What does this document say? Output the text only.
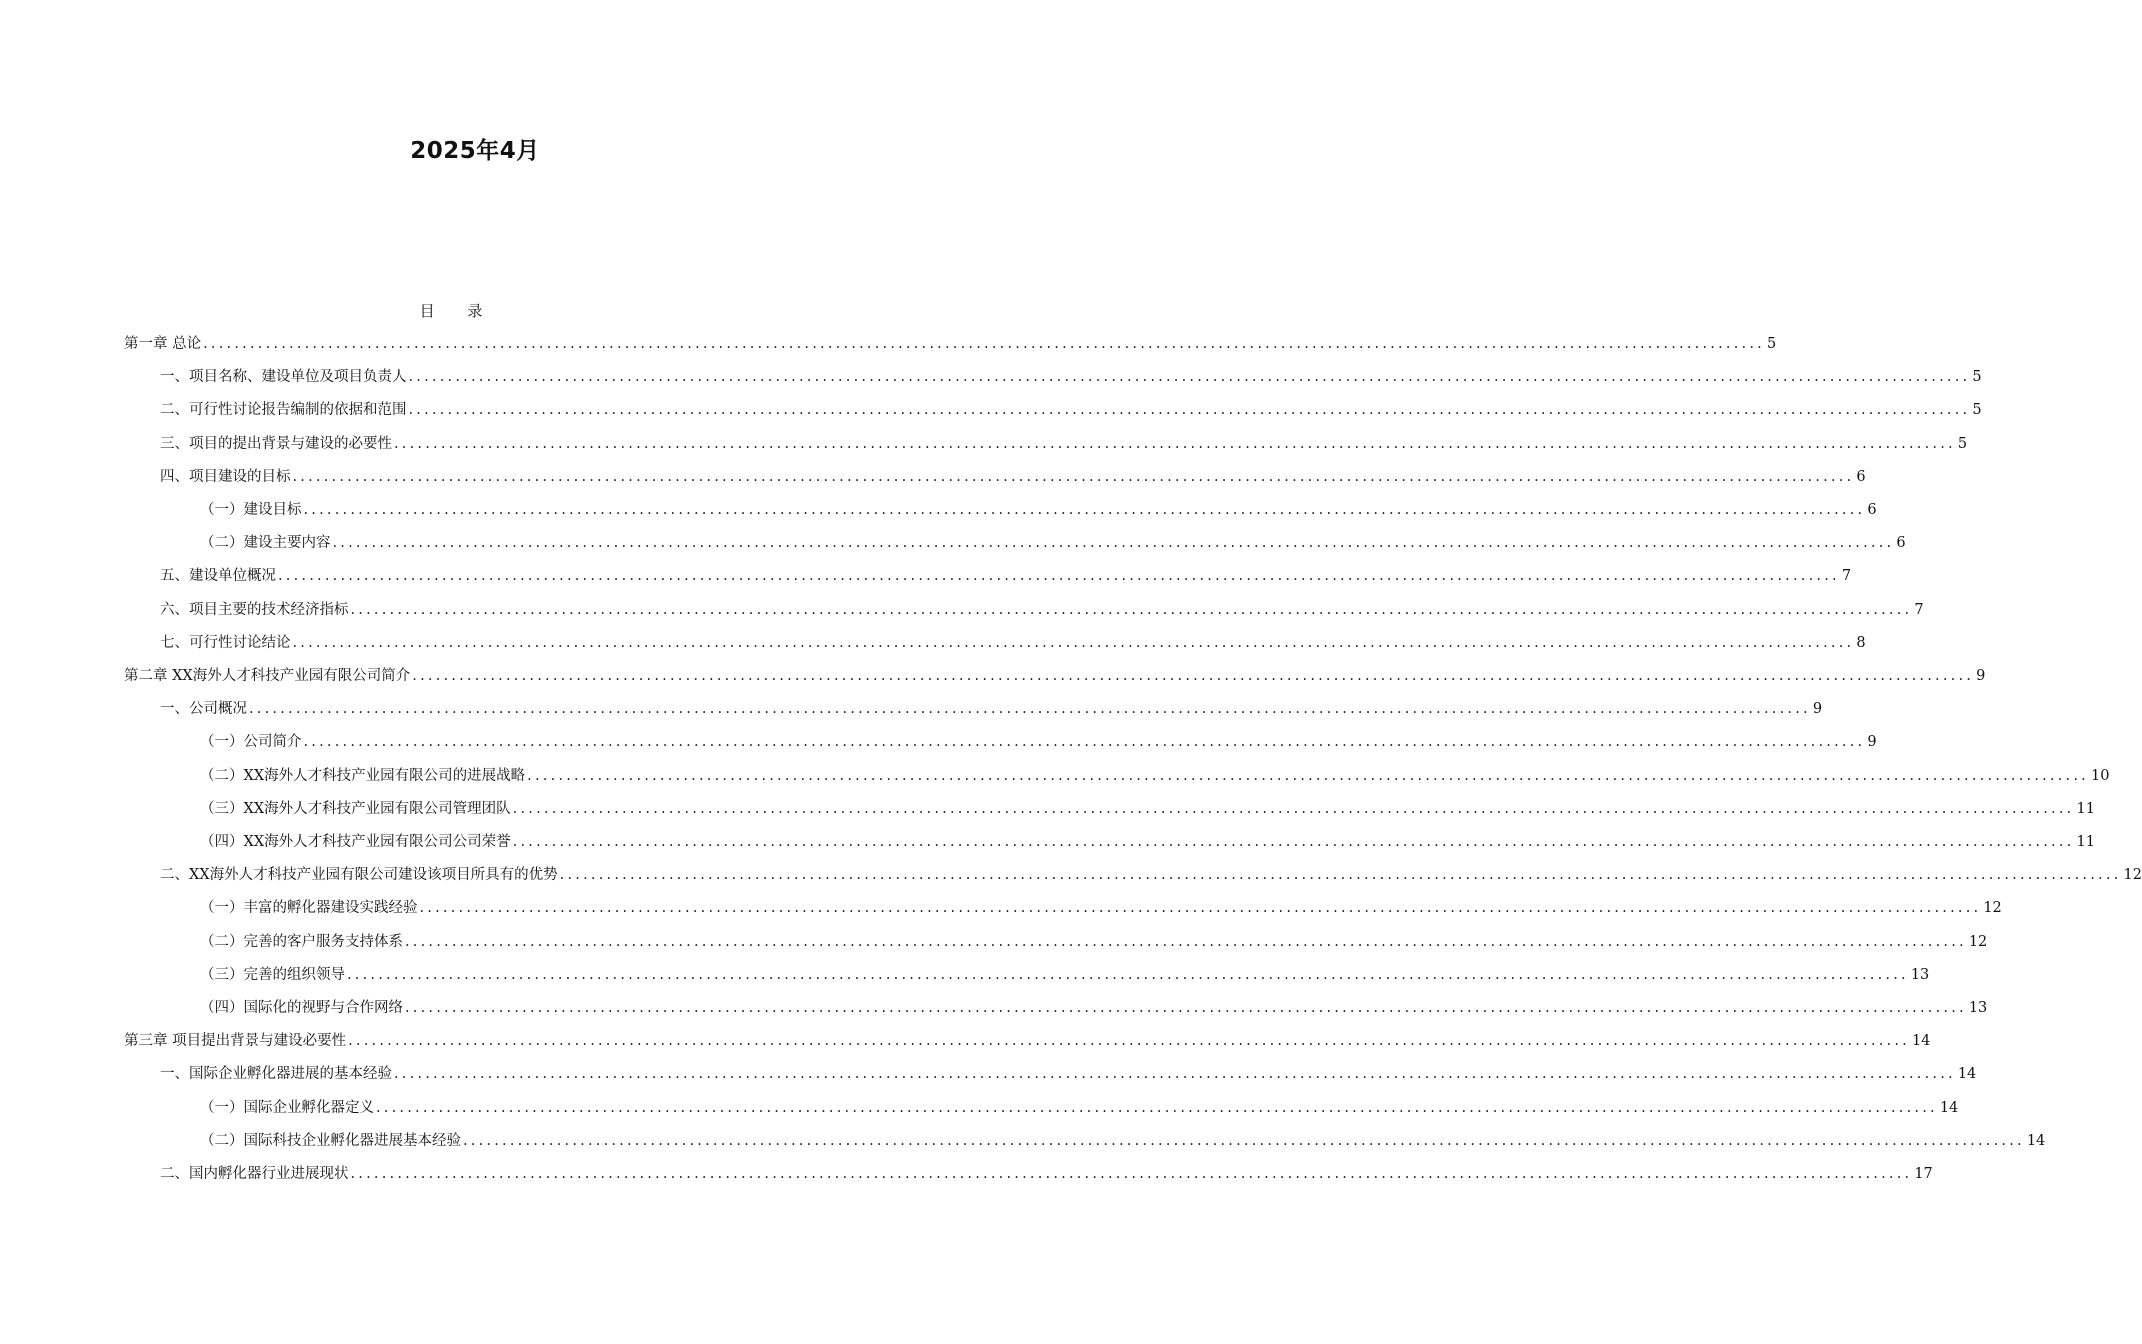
2025年4月
目 录
第一章 总论 ........................................................................................................................................................................................................ 5
一、项目名称、建设单位及项目负责人 ........................................................................................................................................................................................................ 5
二、可行性讨论报告编制的依据和范围 ........................................................................................................................................................................................................ 5
三、项目的提出背景与建设的必要性 ........................................................................................................................................................................................................ 5
四、项目建设的目标 ........................................................................................................................................................................................................ 6
（一）建设目标 ........................................................................................................................................................................................................ 6
（二）建设主要内容 ........................................................................................................................................................................................................ 6
五、建设单位概况 ........................................................................................................................................................................................................ 7
六、项目主要的技术经济指标 ........................................................................................................................................................................................................ 7
七、可行性讨论结论 ........................................................................................................................................................................................................ 8
第二章 XX海外人才科技产业园有限公司简介 ........................................................................................................................................................................................................ 9
一、公司概况 ........................................................................................................................................................................................................ 9
（一）公司简介 ........................................................................................................................................................................................................ 9
（二）XX海外人才科技产业园有限公司的进展战略 ........................................................................................................................................................................................................ 10
（三）XX海外人才科技产业园有限公司管理团队 ........................................................................................................................................................................................................ 11
（四）XX海外人才科技产业园有限公司公司荣誉 ........................................................................................................................................................................................................ 11
二、XX海外人才科技产业园有限公司建设该项目所具有的优势 ........................................................................................................................................................................................................ 12
（一）丰富的孵化器建设实践经验 ........................................................................................................................................................................................................ 12
（二）完善的客户服务支持体系 ........................................................................................................................................................................................................ 12
（三）完善的组织领导 ........................................................................................................................................................................................................ 13
（四）国际化的视野与合作网络 ........................................................................................................................................................................................................ 13
第三章 项目提出背景与建设必要性 ........................................................................................................................................................................................................ 14
一、国际企业孵化器进展的基本经验 ........................................................................................................................................................................................................ 14
（一）国际企业孵化器定义 ........................................................................................................................................................................................................ 14
（二）国际科技企业孵化器进展基本经验 ........................................................................................................................................................................................................ 14
二、国内孵化器行业进展现状 ........................................................................................................................................................................................................ 17
